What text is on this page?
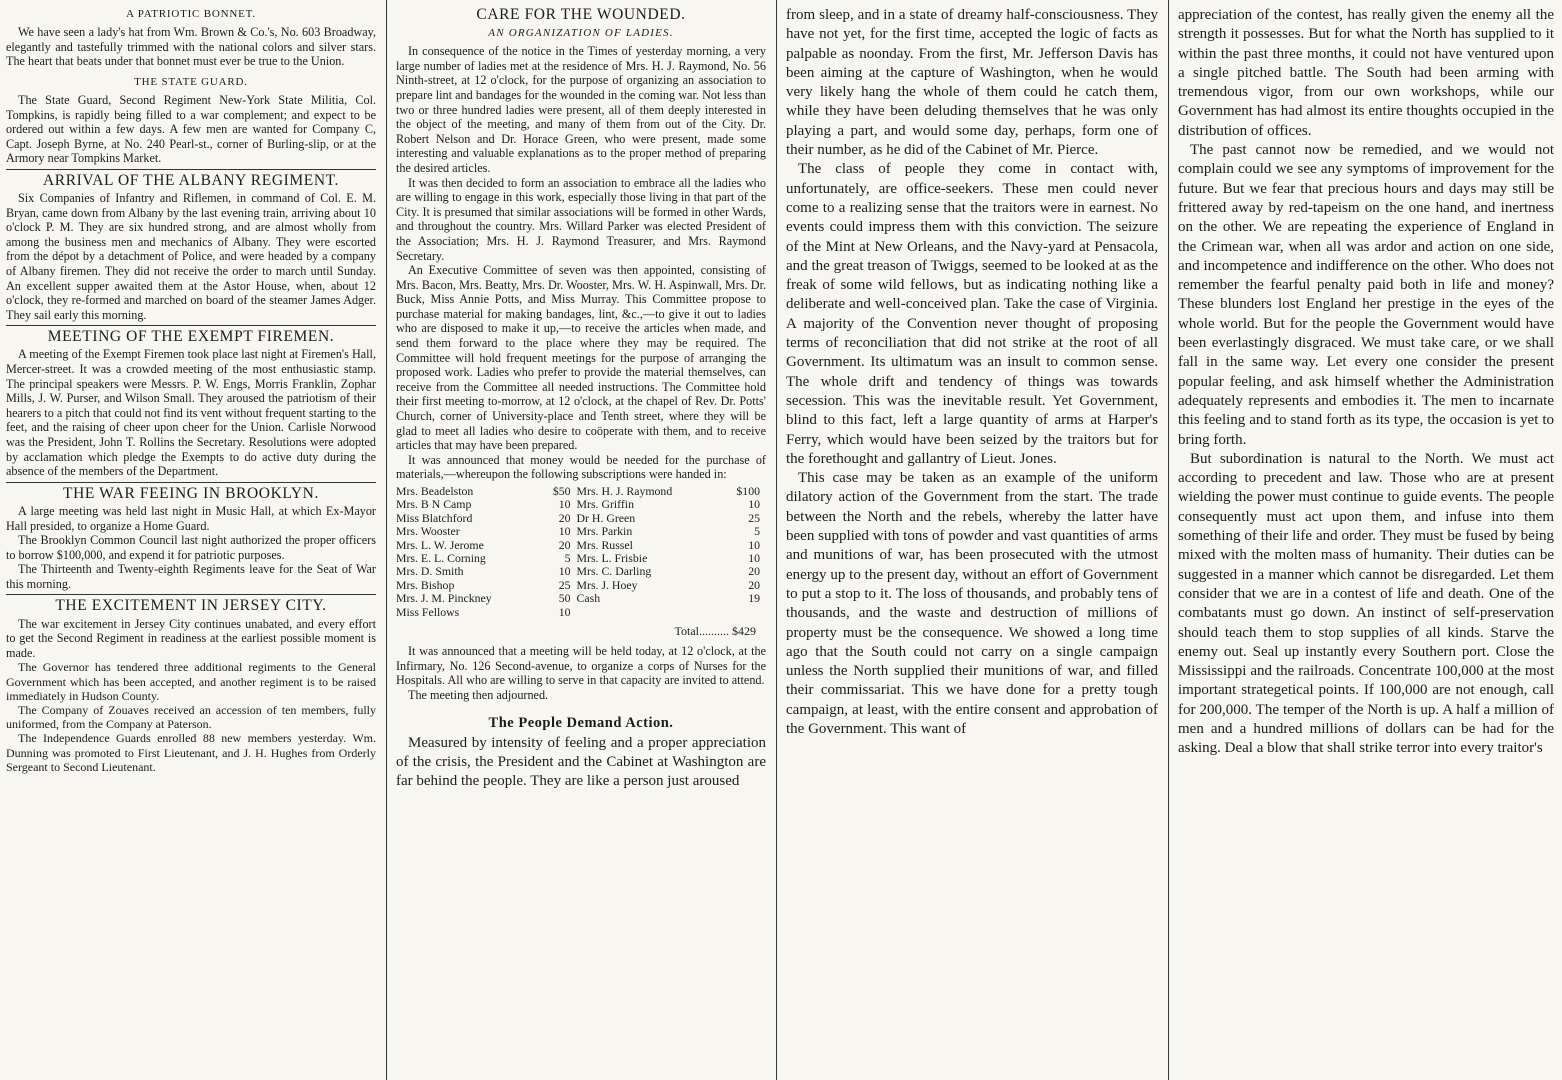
A PATRIOTIC BONNET.

We have seen a lady's hat from Wm. Brown & Co.'s, No. 603 Broadway, elegantly and tastefully trimmed with the national colors and silver stars. The heart that beats under that bonnet must ever be true to the Union.

THE STATE GUARD.

The State Guard, Second Regiment New-York State Militia, Col. Tompkins, is rapidly being filled to a war complement; and expect to be ordered out within a few days. A few men are wanted for Company C, Capt. Joseph Byrne, at No. 240 Pearl-st., corner of Burling-slip, or at the Armory near Tompkins Market.

ARRIVAL OF THE ALBANY REGIMENT.

Six Companies of Infantry and Riflemen, in command of Col. E. M. Bryan, came down from Albany by the last evening train, arriving about 10 o'clock P. M. They are six hundred strong, and are almost wholly from among the business men and mechanics of Albany. They were escorted from the dépot by a detachment of Police, and were headed by a company of Albany firemen. They did not receive the order to march until Sunday. An excellent supper awaited them at the Astor House, when, about 12 o'clock, they re-formed and marched on board of the steamer James Adger. They sail early this morning.

MEETING OF THE EXEMPT FIREMEN.

A meeting of the Exempt Firemen took place last night at Firemen's Hall, Mercer-street. It was a crowded meeting of the most enthusiastic stamp. The principal speakers were Messrs. P. W. Engs, Morris Franklin, Zophar Mills, J. W. Purser, and Wilson Small. They aroused the patriotism of their hearers to a pitch that could not find its vent without frequent starting to the feet, and the raising of cheer upon cheer for the Union. Carlisle Norwood was the President, John T. Rollins the Secretary. Resolutions were adopted by acclamation which pledge the Exempts to do active duty during the absence of the members of the Department.

THE WAR FEEING IN BROOKLYN.

A large meeting was held last night in Music Hall, at which Ex-Mayor Hall presided, to organize a Home Guard.

The Brooklyn Common Council last night authorized the proper officers to borrow $100,000, and expend it for patriotic purposes.

The Thirteenth and Twenty-eighth Regiments leave for the Seat of War this morning.

THE EXCITEMENT IN JERSEY CITY.

The war excitement in Jersey City continues unabated, and every effort to get the Second Regiment in readiness at the earliest possible moment is made.

The Governor has tendered three additional regiments to the General Government which has been accepted, and another regiment is to be raised immediately in Hudson County.

The Company of Zouaves received an accession of ten members, fully uniformed, from the Company at Paterson.

The Independence Guards enrolled 88 new members yesterday. Wm. Dunning was promoted to First Lieutenant, and J. H. Hughes from Orderly Sergeant to Second Lieutenant.

CARE FOR THE WOUNDED.
AN ORGANIZATION OF LADIES.

In consequence of the notice in the Times of yesterday morning, a very large number of ladies met at the residence of Mrs. H. J. Raymond, No. 56 Ninth-street, at 12 o'clock, for the purpose of organizing an association to prepare lint and bandages for the wounded in the coming war. Not less than two or three hundred ladies were present, all of them deeply interested in the object of the meeting, and many of them from out of the City. Dr. Robert Nelson and Dr. Horace Green, who were present, made some interesting and valuable explanations as to the proper method of preparing the desired articles.

It was then decided to form an association to embrace all the ladies who are willing to engage in this work, especially those living in that part of the City. It is presumed that similar associations will be formed in other Wards, and throughout the country. Mrs. Willard Parker was elected President of the Association; Mrs. H. J. Raymond Treasurer, and Mrs. Raymond Secretary.

An Executive Committee of seven was then appointed, consisting of Mrs. Bacon, Mrs. Beatty, Mrs. Dr. Wooster, Mrs. W. H. Aspinwall, Mrs. Dr. Buck, Miss Annie Potts, and Miss Murray. This Committee propose to purchase material for making bandages, lint, &c.,—to give it out to ladies who are disposed to make it up,—to receive the articles when made, and send them forward to the place where they may be required. The Committee will hold frequent meetings for the purpose of arranging the proposed work. Ladies who prefer to provide the material themselves, can receive from the Committee all needed instructions. The Committee hold their first meeting to-morrow, at 12 o'clock, at the chapel of Rev. Dr. Potts' Church, corner of University-place and Tenth street, where they will be glad to meet all ladies who desire to coöperate with them, and to receive articles that may have been prepared.

It was announced that money would be needed for the purchase of materials,—whereupon the following subscriptions were handed in:

Mrs. Beadelston	$50	Mrs. H. J. Raymond	$100
Mrs. B N Camp	10	Mrs. Griffin	10
Miss Blatchford	20	Dr H. Green	25
Mrs. Wooster	10	Mrs. Parkin	5
Mrs. L. W. Jerome	20	Mrs. Russel	10
Mrs. E. L. Corning	5	Mrs. L. Frisbie	10
Mrs. D. Smith	10	Mrs. C. Darling	20
Mrs. Bishop	25	Mrs. J. Hoey	20
Mrs. J. M. Pinckney	50	Cash	19
Miss Fellows	10		
Total.......... $429

It was announced that a meeting will be held today, at 12 o'clock, at the Infirmary, No. 126 Second-avenue, to organize a corps of Nurses for the Hospitals. All who are willing to serve in that capacity are invited to attend.

The meeting then adjourned.

The People Demand Action.

Measured by intensity of feeling and a proper appreciation of the crisis, the President and the Cabinet at Washington are far behind the people. They are like a person just aroused

from sleep, and in a state of dreamy half-consciousness. They have not yet, for the first time, accepted the logic of facts as palpable as noonday. From the first, Mr. Jefferson Davis has been aiming at the capture of Washington, when he would very likely hang the whole of them could he catch them, while they have been deluding themselves that he was only playing a part, and would some day, perhaps, form one of their number, as he did of the Cabinet of Mr. Pierce.

The class of people they come in contact with, unfortunately, are office-seekers. These men could never come to a realizing sense that the traitors were in earnest. No events could impress them with this conviction. The seizure of the Mint at New Orleans, and the Navy-yard at Pensacola, and the great treason of Twiggs, seemed to be looked at as the freak of some wild fellows, but as indicating nothing like a deliberate and well-conceived plan. Take the case of Virginia. A majority of the Convention never thought of proposing terms of reconciliation that did not strike at the root of all Government. Its ultimatum was an insult to common sense. The whole drift and tendency of things was towards secession. This was the inevitable result. Yet Government, blind to this fact, left a large quantity of arms at Harper's Ferry, which would have been seized by the traitors but for the forethought and gallantry of Lieut. Jones.

This case may be taken as an example of the uniform dilatory action of the Government from the start. The trade between the North and the rebels, whereby the latter have been supplied with tons of powder and vast quantities of arms and munitions of war, has been prosecuted with the utmost energy up to the present day, without an effort of Government to put a stop to it. The loss of thousands, and probably tens of thousands, and the waste and destruction of millions of property must be the consequence. We showed a long time ago that the South could not carry on a single campaign unless the North supplied their munitions of war, and filled their commissariat. This we have done for a pretty tough campaign, at least, with the entire consent and approbation of the Government. This want of

appreciation of the contest, has really given the enemy all the strength it possesses. But for what the North has supplied to it within the past three months, it could not have ventured upon a single pitched battle. The South had been arming with tremendous vigor, from our own workshops, while our Government has had almost its entire thoughts occupied in the distribution of offices.

The past cannot now be remedied, and we would not complain could we see any symptoms of improvement for the future. But we fear that precious hours and days may still be frittered away by red-tapeism on the one hand, and inertness on the other. We are repeating the experience of England in the Crimean war, when all was ardor and action on one side, and incompetence and indifference on the other. Who does not remember the fearful penalty paid both in life and money? These blunders lost England her prestige in the eyes of the whole world. But for the people the Government would have been everlastingly disgraced. We must take care, or we shall fall in the same way. Let every one consider the present popular feeling, and ask himself whether the Administration adequately represents and embodies it. The men to incarnate this feeling and to stand forth as its type, the occasion is yet to bring forth.

But subordination is natural to the North. We must act according to precedent and law. Those who are at present wielding the power must continue to guide events. The people consequently must act upon them, and infuse into them something of their life and order. They must be fused by being mixed with the molten mass of humanity. Their duties can be suggested in a manner which cannot be disregarded. Let them consider that we are in a contest of life and death. One of the combatants must go down. An instinct of self-preservation should teach them to stop supplies of all kinds. Starve the enemy out. Seal up instantly every Southern port. Close the Mississippi and the railroads. Concentrate 100,000 at the most important strategetical points. If 100,000 are not enough, call for 200,000. The temper of the North is up. A half a million of men and a hundred millions of dollars can be had for the asking. Deal a blow that shall strike terror into every traitor's
